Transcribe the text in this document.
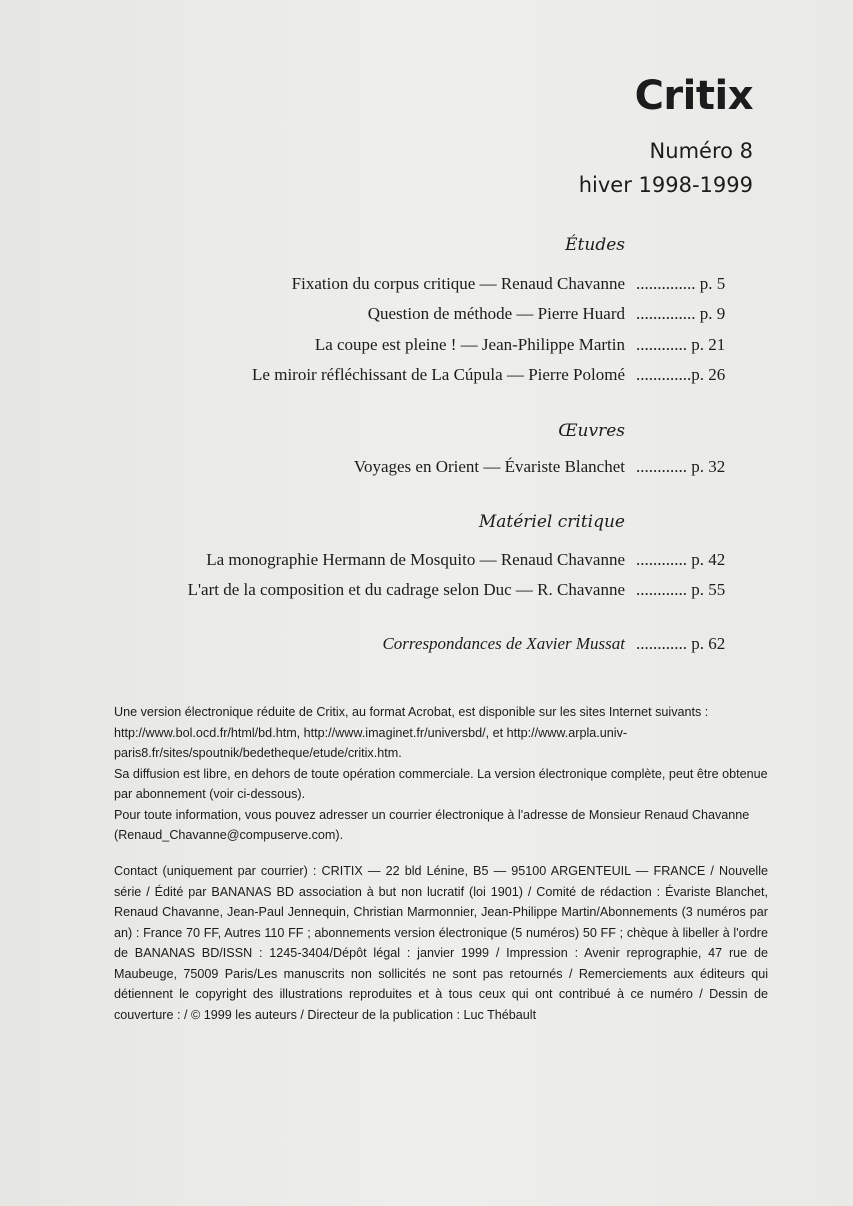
Critix
Numéro 8
hiver 1998-1999
Études
Fixation du corpus critique — Renaud Chavanne .............. p. 5
Question de méthode — Pierre Huard .............. p. 9
La coupe est pleine ! — Jean-Philippe Martin ............ p. 21
Le miroir réfléchissant de La Cúpula — Pierre Polomé .............p. 26
Œuvres
Voyages en Orient — Évariste Blanchet ............ p. 32
Matériel critique
La monographie Hermann de Mosquito — Renaud Chavanne ............ p. 42
L'art de la composition et du cadrage selon Duc — R. Chavanne ............ p. 55
Correspondances de Xavier Mussat ............ p. 62

Une version électronique réduite de Critix, au format Acrobat, est disponible sur les sites Internet suivants : http://www.bol.ocd.fr/html/bd.htm, http://www.imaginet.fr/universbd/, et http://www.arpla.univ-paris8.fr/sites/spoutnik/bedetheque/etude/critix.htm.

Sa diffusion est libre, en dehors de toute opération commerciale. La version électronique complète, peut être obtenue par abonnement (voir ci-dessous).

Pour toute information, vous pouvez adresser un courrier électronique à l'adresse de Monsieur Renaud Chavanne (Renaud_Chavanne@compuserve.com).

Contact (uniquement par courrier) : CRITIX — 22 bld Lénine, B5 — 95100 ARGENTEUIL — FRANCE / Nouvelle série / Édité par BANANAS BD association à but non lucratif (loi 1901) / Comité de rédaction : Évariste Blanchet, Renaud Chavanne, Jean-Paul Jennequin, Christian Marmonnier, Jean-Philippe Martin/Abonnements (3 numéros par an) : France 70 FF, Autres 110 FF ; abonnements version électronique (5 numéros) 50 FF ; chèque à libeller à l'ordre de BANANAS BD/ISSN : 1245-3404/Dépôt légal : janvier 1999 / Impression : Avenir reprographie, 47 rue de Maubeuge, 75009 Paris/Les manuscrits non sollicités ne sont pas retournés / Remerciements aux éditeurs qui détiennent le copyright des illustrations reproduites et à tous ceux qui ont contribué à ce numéro / Dessin de couverture : / © 1999 les auteurs / Directeur de la publication : Luc Thébault
